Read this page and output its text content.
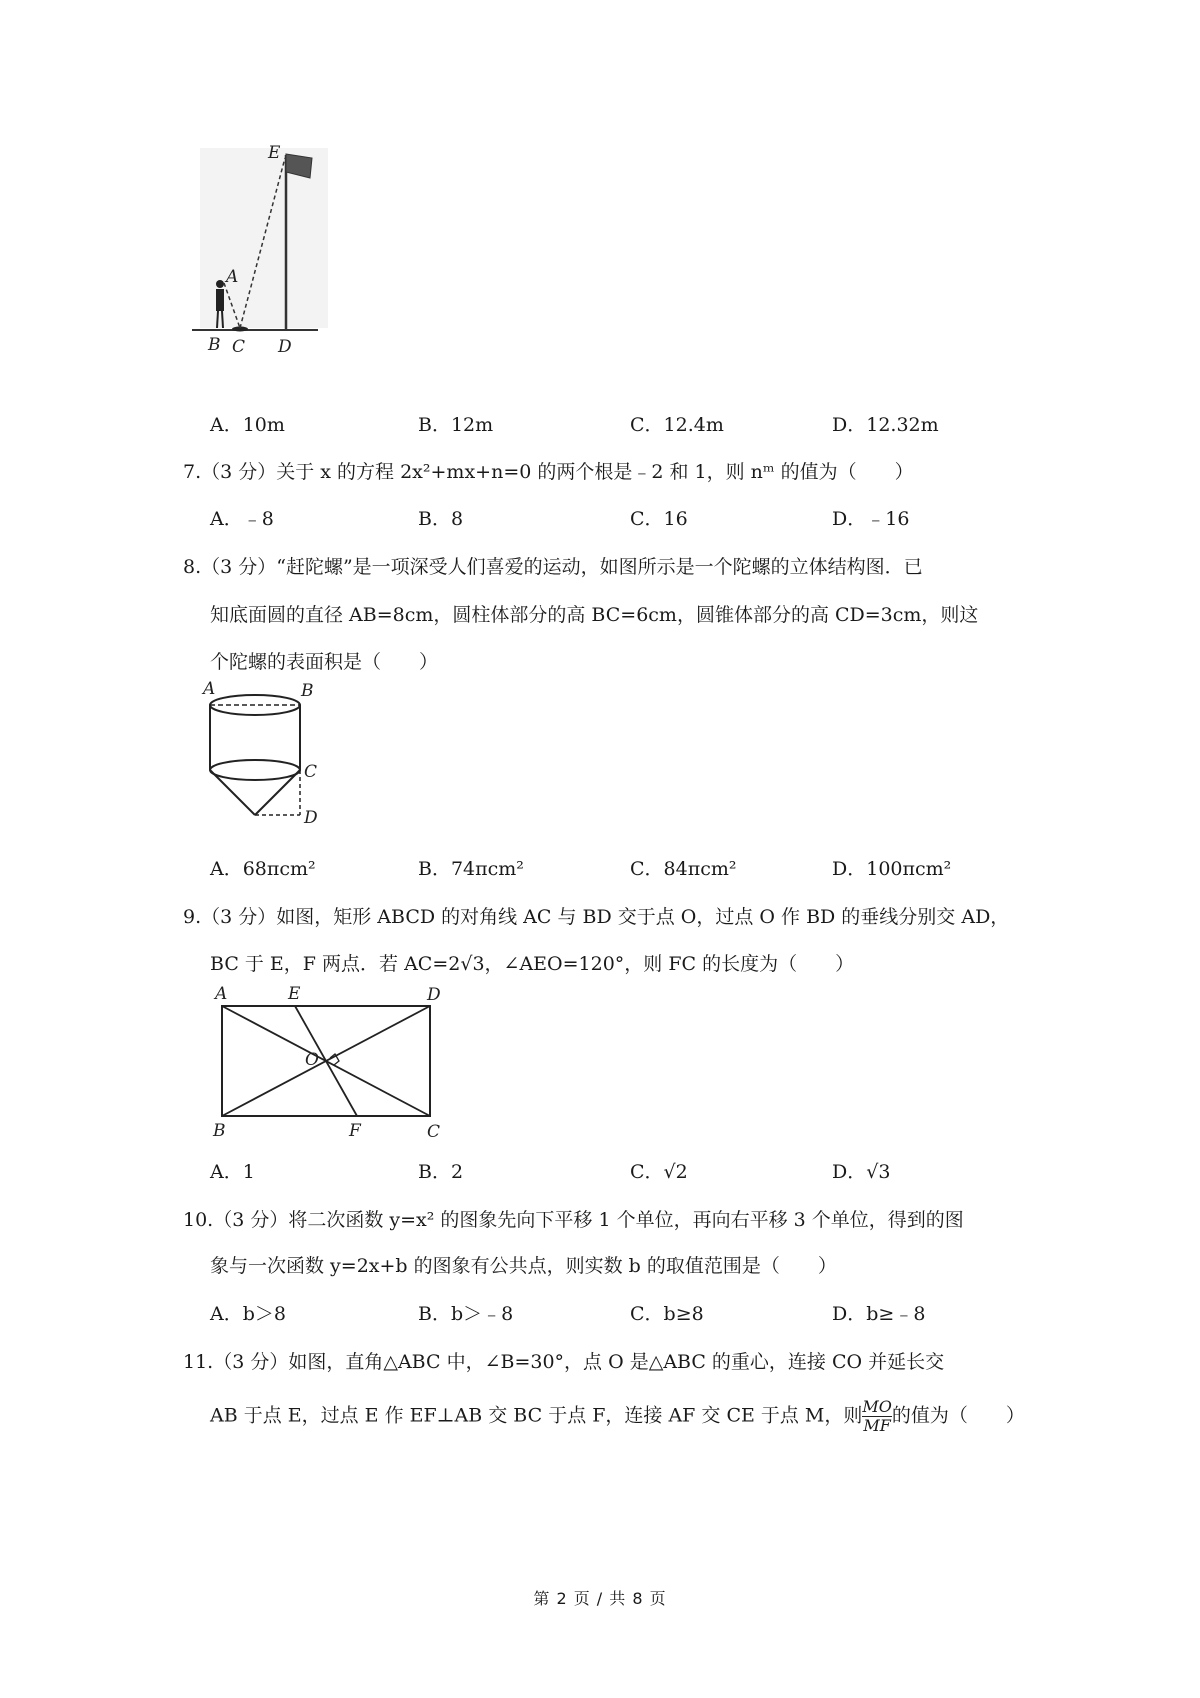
E
A
B C D
A．10m	B．12m	C．12.4m	D．12.32m
7.（3 分）关于 x 的方程 2x²+mx+n=0 的两个根是﹣2 和 1，则 nᵐ 的值为（　　）
A．﹣8	B．8	C．16	D．﹣16
8.（3 分）“赶陀螺”是一项深受人们喜爱的运动，如图所示是一个陀螺的立体结构图．已
知底面圆的直径 AB=8cm，圆柱体部分的高 BC=6cm，圆锥体部分的高 CD=3cm，则这
个陀螺的表面积是（　　）
A	B
C
D
A．68πcm²	B．74πcm²	C．84πcm²	D．100πcm²
9.（3 分）如图，矩形 ABCD 的对角线 AC 与 BD 交于点 O，过点 O 作 BD 的垂线分别交 AD，
BC 于 E，F 两点．若 AC=2√3，∠AEO=120°，则 FC 的长度为（　　）
A	E	D
O
B	F	C
A．1	B．2	C．√2	D．√3
10.（3 分）将二次函数 y=x² 的图象先向下平移 1 个单位，再向右平移 3 个单位，得到的图
象与一次函数 y=2x+b 的图象有公共点，则实数 b 的取值范围是（　　）
A．b＞8	B．b＞﹣8	C．b≥8	D．b≥﹣8
11.（3 分）如图，直角△ABC 中，∠B=30°，点 O 是△ABC 的重心，连接 CO 并延长交
AB 于点 E，过点 E 作 EF⊥AB 交 BC 于点 F，连接 AF 交 CE 于点 M，则 $\frac{MO}{MF}$ 的值为（　　）
第 2 页 / 共 8 页
